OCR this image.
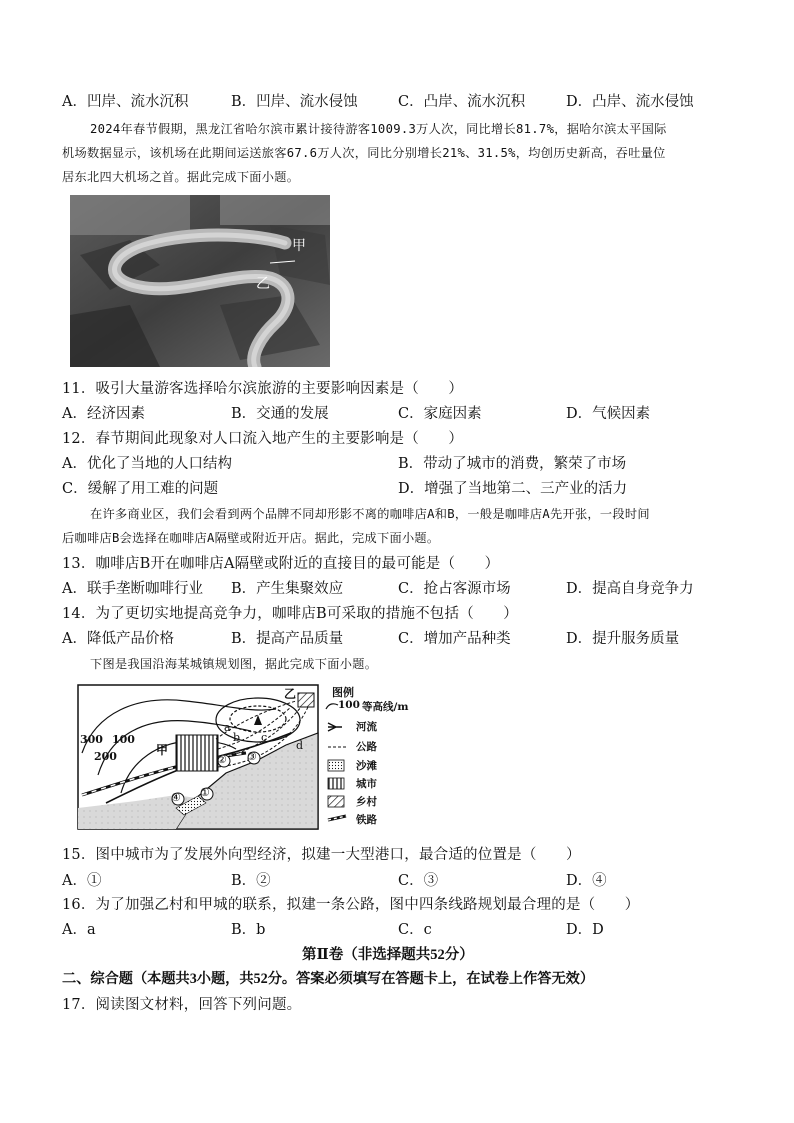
A．凹岸、流水沉积	B．凹岸、流水侵蚀	C．凸岸、流水沉积	D．凸岸、流水侵蚀
2024年春节假期，黑龙江省哈尔滨市累计接待游客1009.3万人次，同比增长81.7%，据哈尔滨太平国际
机场数据显示，该机场在此期间运送旅客67.6万人次，同比分别增长21%、31.5%，均创历史新高，吞吐量位
居东北四大机场之首。据此完成下面小题。
甲
乙
11．吸引大量游客选择哈尔滨旅游的主要影响因素是（　　）
A．经济因素	B．交通的发展	C．家庭因素	D．气候因素
12．春节期间此现象对人口流入地产生的主要影响是（　　）
A．优化了当地的人口结构	B．带动了城市的消费，繁荣了市场
C．缓解了用工难的问题	D．增强了当地第二、三产业的活力
在许多商业区，我们会看到两个品牌不同却形影不离的咖啡店A和B，一般是咖啡店A先开张，一段时间
后咖啡店B会选择在咖啡店A隔壁或附近开店。据此，完成下面小题。
13．咖啡店B开在咖啡店A隔壁或附近的直接目的最可能是（　　）
A．联手垄断咖啡行业 B．产生集聚效应	C．抢占客源市场	D．提高自身竞争力
14．为了更切实地提高竞争力，咖啡店B可采取的措施不包括（　　）
A．降低产品价格	B．提高产品质量	C．增加产品种类	D．提升服务质量
下图是我国沿海某城镇规划图，据此完成下面小题。
300 100
200	甲
乙
a
b c
d
①
④
② ③
图例
100 等高线/m
河流
公路
沙滩
城市
乡村
铁路
15．图中城市为了发展外向型经济，拟建一大型港口，最合适的位置是（　　）
A．①	B．②	C．③	D．④
16．为了加强乙村和甲城的联系，拟建一条公路，图中四条线路规划最合理的是（　　）
A．a	B．b	C．c	D．D
第Ⅱ卷（非选择题共52分）
二、综合题（本题共3小题，共52分。答案必须填写在答题卡上，在试卷上作答无效）
17．阅读图文材料，回答下列问题。
